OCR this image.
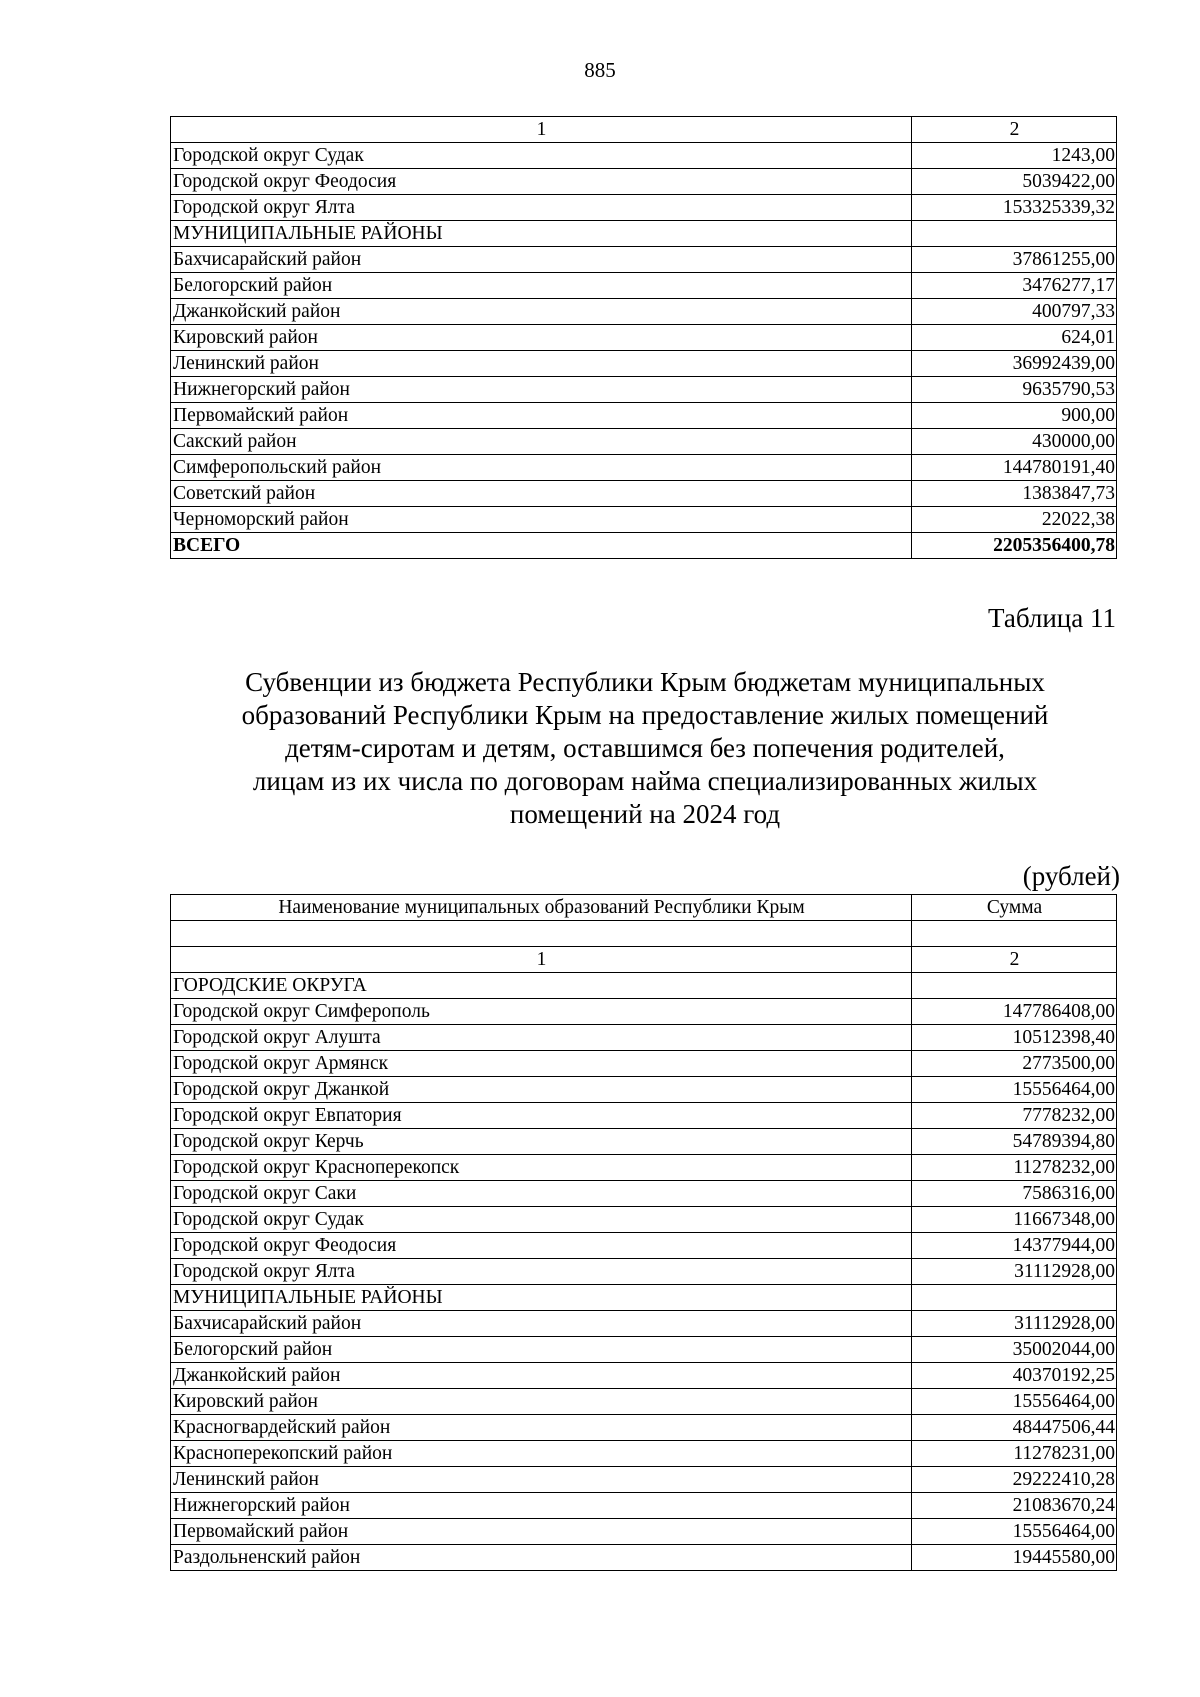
885
1	2
Городской округ Судак	1243,00
Городской округ Феодосия	5039422,00
Городской округ Ялта	153325339,32
МУНИЦИПАЛЬНЫЕ РАЙОНЫ	
Бахчисарайский район	37861255,00
Белогорский район	3476277,17
Джанкойский район	400797,33
Кировский район	624,01
Ленинский район	36992439,00
Нижнегорский район	9635790,53
Первомайский район	900,00
Сакский район	430000,00
Симферопольский район	144780191,40
Советский район	1383847,73
Черноморский район	22022,38
ВСЕГО	2205356400,78
Таблица 11
Субвенции из бюджета Республики Крым бюджетам муниципальных
образований Республики Крым на предоставление жилых помещений
детям-сиротам и детям, оставшимся без попечения родителей,
лицам из их числа по договорам найма специализированных жилых
помещений на 2024 год
(рублей)
Наименование муниципальных образований Республики Крым	Сумма

1	2
ГОРОДСКИЕ ОКРУГА	
Городской округ Симферополь	147786408,00
Городской округ Алушта	10512398,40
Городской округ Армянск	2773500,00
Городской округ Джанкой	15556464,00
Городской округ Евпатория	7778232,00
Городской округ Керчь	54789394,80
Городской округ Красноперекопск	11278232,00
Городской округ Саки	7586316,00
Городской округ Судак	11667348,00
Городской округ Феодосия	14377944,00
Городской округ Ялта	31112928,00
МУНИЦИПАЛЬНЫЕ РАЙОНЫ	
Бахчисарайский район	31112928,00
Белогорский район	35002044,00
Джанкойский район	40370192,25
Кировский район	15556464,00
Красногвардейский район	48447506,44
Красноперекопский район	11278231,00
Ленинский район	29222410,28
Нижнегорский район	21083670,24
Первомайский район	15556464,00
Раздольненский район	19445580,00
